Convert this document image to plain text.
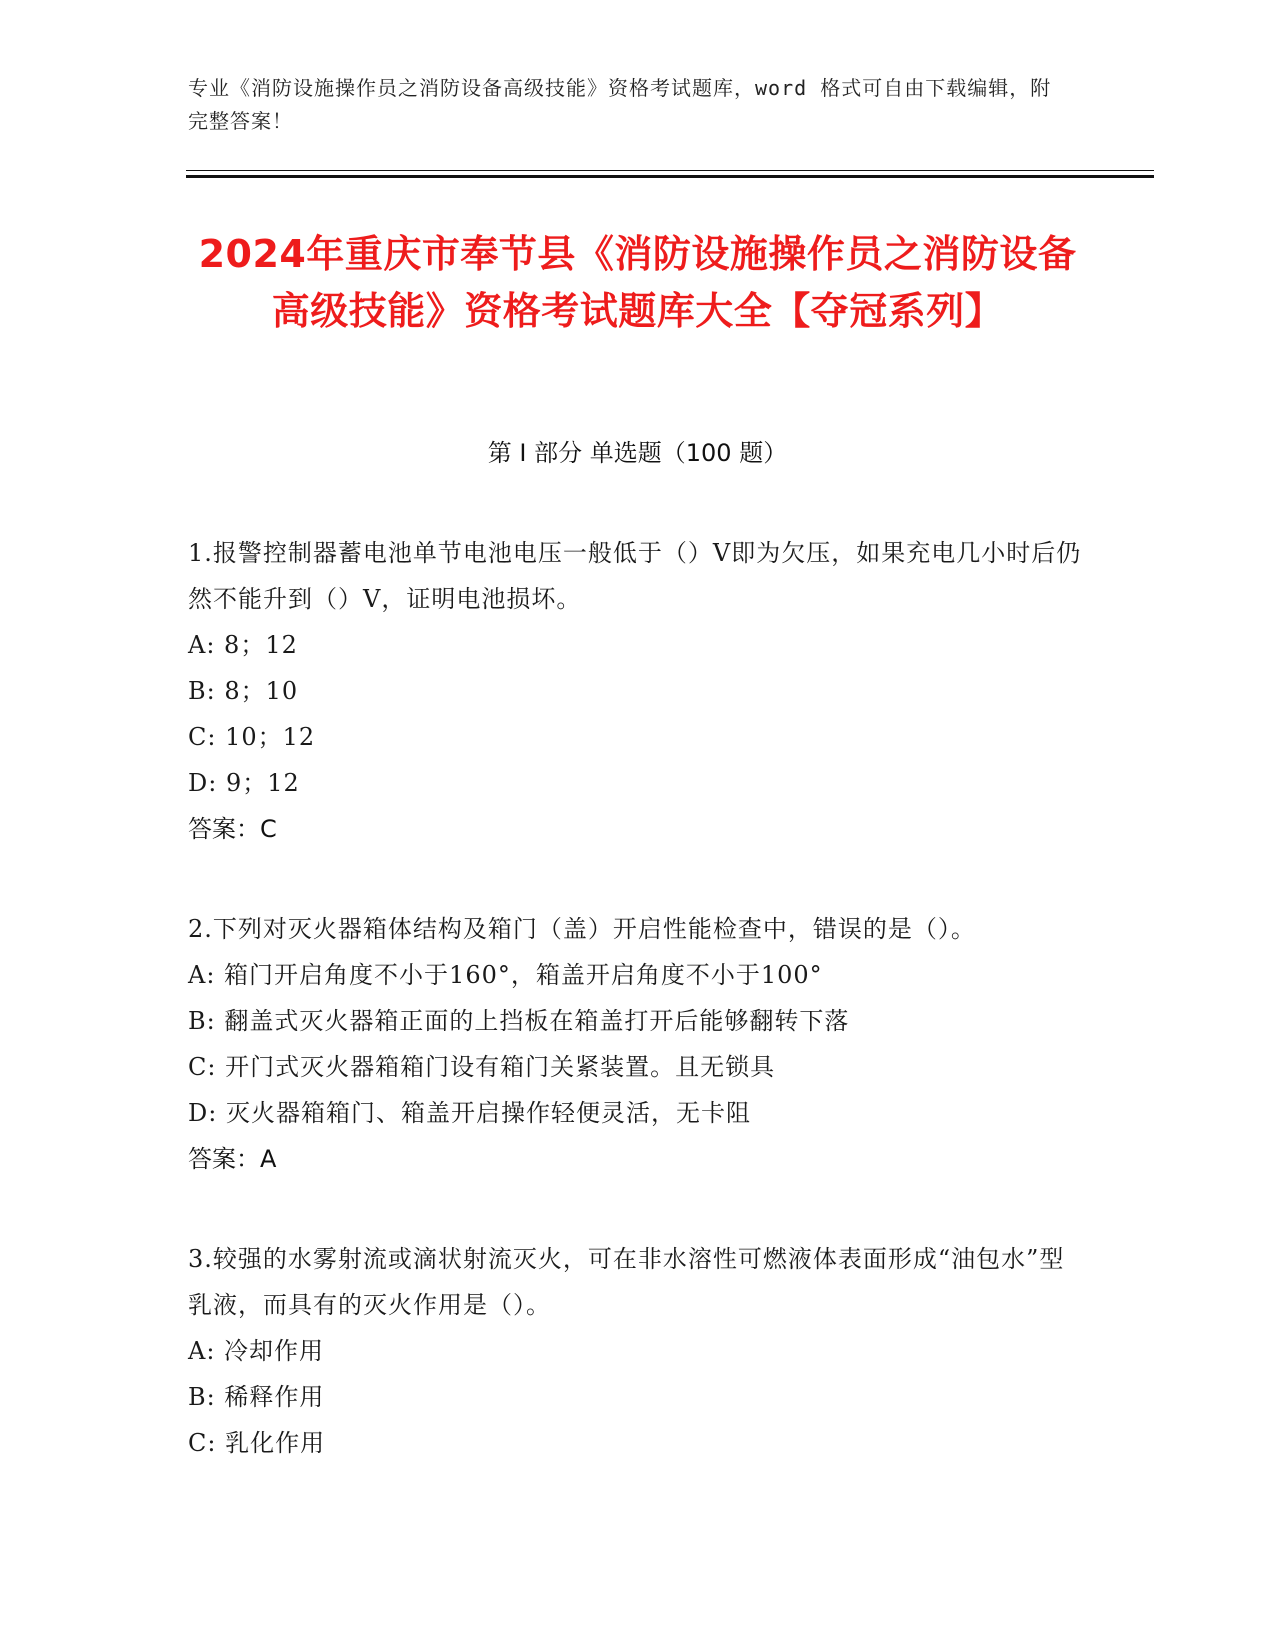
专业《消防设施操作员之消防设备高级技能》资格考试题库，word 格式可自由下载编辑，附完整答案！
2024年重庆市奉节县《消防设施操作员之消防设备高级技能》资格考试题库大全【夺冠系列】
第 I 部分 单选题（100 题）
1.报警控制器蓄电池单节电池电压一般低于（）V即为欠压，如果充电几小时后仍然不能升到（）V，证明电池损坏。
A: 8；12
B: 8；10
C: 10；12
D: 9；12
答案：C
2.下列对灭火器箱体结构及箱门（盖）开启性能检查中，错误的是（）。
A: 箱门开启角度不小于160°，箱盖开启角度不小于100°
B: 翻盖式灭火器箱正面的上挡板在箱盖打开后能够翻转下落
C: 开门式灭火器箱箱门设有箱门关紧装置。且无锁具
D: 灭火器箱箱门、箱盖开启操作轻便灵活，无卡阻
答案：A
3.较强的水雾射流或滴状射流灭火，可在非水溶性可燃液体表面形成“油包水”型乳液，而具有的灭火作用是（）。
A: 冷却作用
B: 稀释作用
C: 乳化作用
